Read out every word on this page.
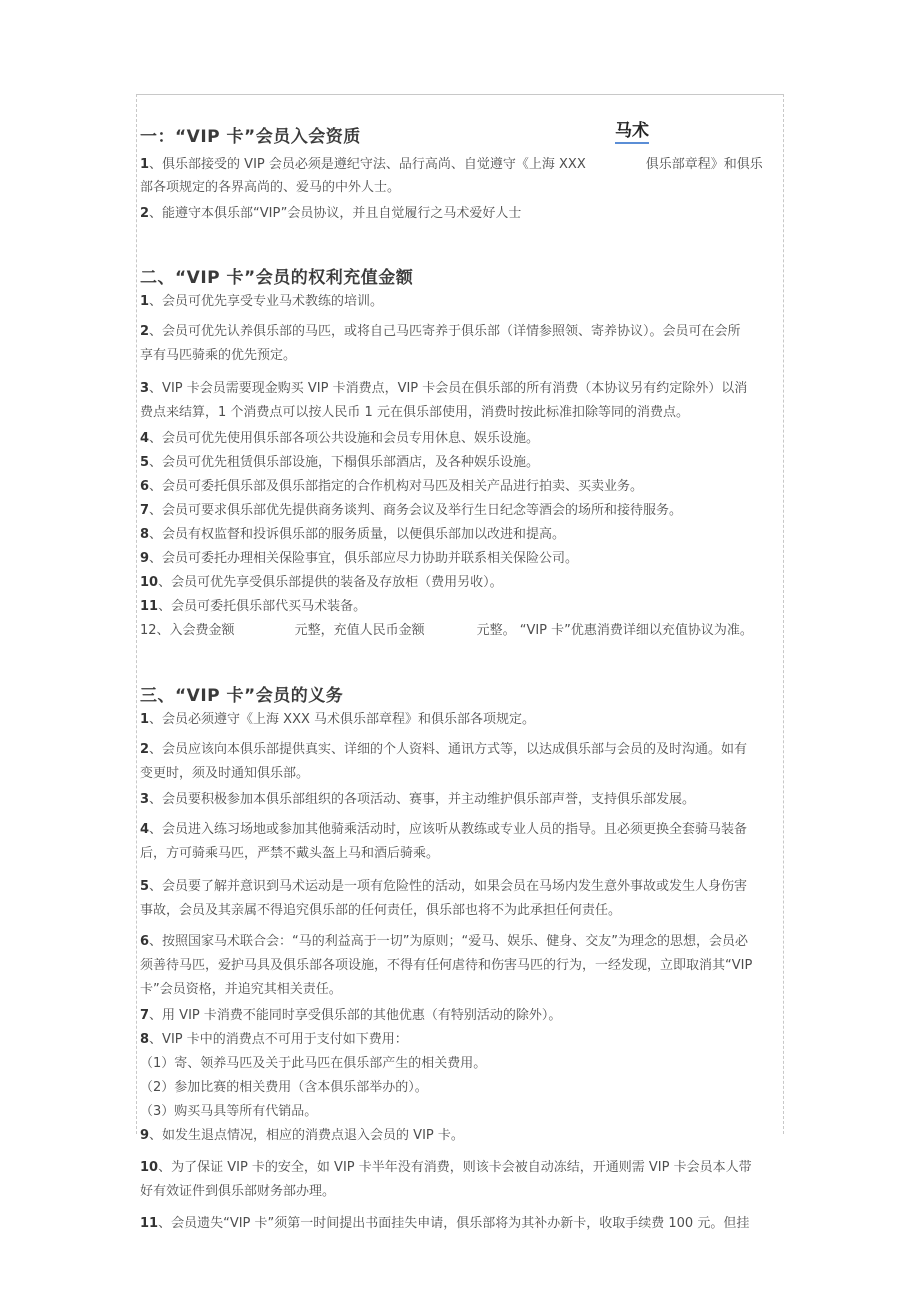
马术
一：“VIP 卡”会员入会资质
1、俱乐部接受的 VIP 会员必须是遵纪守法、品行高尚、自觉遵守《上海 XXX	俱乐部章程》和俱乐
部各项规定的各界高尚的、爱马的中外人士。
2、能遵守本俱乐部“VIP”会员协议，并且自觉履行之马术爱好人士
二、“VIP 卡”会员的权利充值金额
1、会员可优先享受专业马术教练的培训。
2、会员可优先认养俱乐部的马匹，或将自己马匹寄养于俱乐部（详情参照领、寄养协议）。会员可在会所
享有马匹骑乘的优先预定。
3、VIP 卡会员需要现金购买 VIP 卡消费点，VIP 卡会员在俱乐部的所有消费（本协议另有约定除外）以消
费点来结算，1 个消费点可以按人民币 1 元在俱乐部使用，消费时按此标准扣除等同的消费点。
4、会员可优先使用俱乐部各项公共设施和会员专用休息、娱乐设施。
5、会员可优先租赁俱乐部设施，下榻俱乐部酒店，及各种娱乐设施。
6、会员可委托俱乐部及俱乐部指定的合作机构对马匹及相关产品进行拍卖、买卖业务。
7、会员可要求俱乐部优先提供商务谈判、商务会议及举行生日纪念等酒会的场所和接待服务。
8、会员有权监督和投诉俱乐部的服务质量，以便俱乐部加以改进和提高。
9、会员可委托办理相关保险事宜，俱乐部应尽力协助并联系相关保险公司。
10、会员可优先享受俱乐部提供的装备及存放柜（费用另收）。
11、会员可委托俱乐部代买马术装备。
12、入会费金额	元整，充值人民币金额	元整。 “VIP 卡”优惠消费详细以充值协议为准。
三、“VIP 卡”会员的义务
1、会员必须遵守《上海 XXX 马术俱乐部章程》和俱乐部各项规定。
2、会员应该向本俱乐部提供真实、详细的个人资料、通讯方式等，以达成俱乐部与会员的及时沟通。如有
变更时，须及时通知俱乐部。
3、会员要积极参加本俱乐部组织的各项活动、赛事，并主动维护俱乐部声誉，支持俱乐部发展。
4、会员进入练习场地或参加其他骑乘活动时，应该听从教练或专业人员的指导。且必须更换全套骑马装备
后，方可骑乘马匹，严禁不戴头盔上马和酒后骑乘。
5、会员要了解并意识到马术运动是一项有危险性的活动，如果会员在马场内发生意外事故或发生人身伤害
事故，会员及其亲属不得追究俱乐部的任何责任，俱乐部也将不为此承担任何责任。
6、按照国家马术联合会：“马的利益高于一切”为原则；“爱马、娱乐、健身、交友”为理念的思想，会员必
须善待马匹，爱护马具及俱乐部各项设施，不得有任何虐待和伤害马匹的行为，一经发现，立即取消其“VIP
卡”会员资格，并追究其相关责任。
7、用 VIP 卡消费不能同时享受俱乐部的其他优惠（有特别活动的除外）。
8、VIP 卡中的消费点不可用于支付如下费用：
（1）寄、领养马匹及关于此马匹在俱乐部产生的相关费用。
（2）参加比赛的相关费用（含本俱乐部举办的）。
（3）购买马具等所有代销品。
9、如发生退点情况，相应的消费点退入会员的 VIP 卡。
10、为了保证 VIP 卡的安全，如 VIP 卡半年没有消费，则该卡会被自动冻结，开通则需 VIP 卡会员本人带
好有效证件到俱乐部财务部办理。
11、会员遗失“VIP 卡”须第一时间提出书面挂失申请，俱乐部将为其补办新卡，收取手续费 100 元。但挂
